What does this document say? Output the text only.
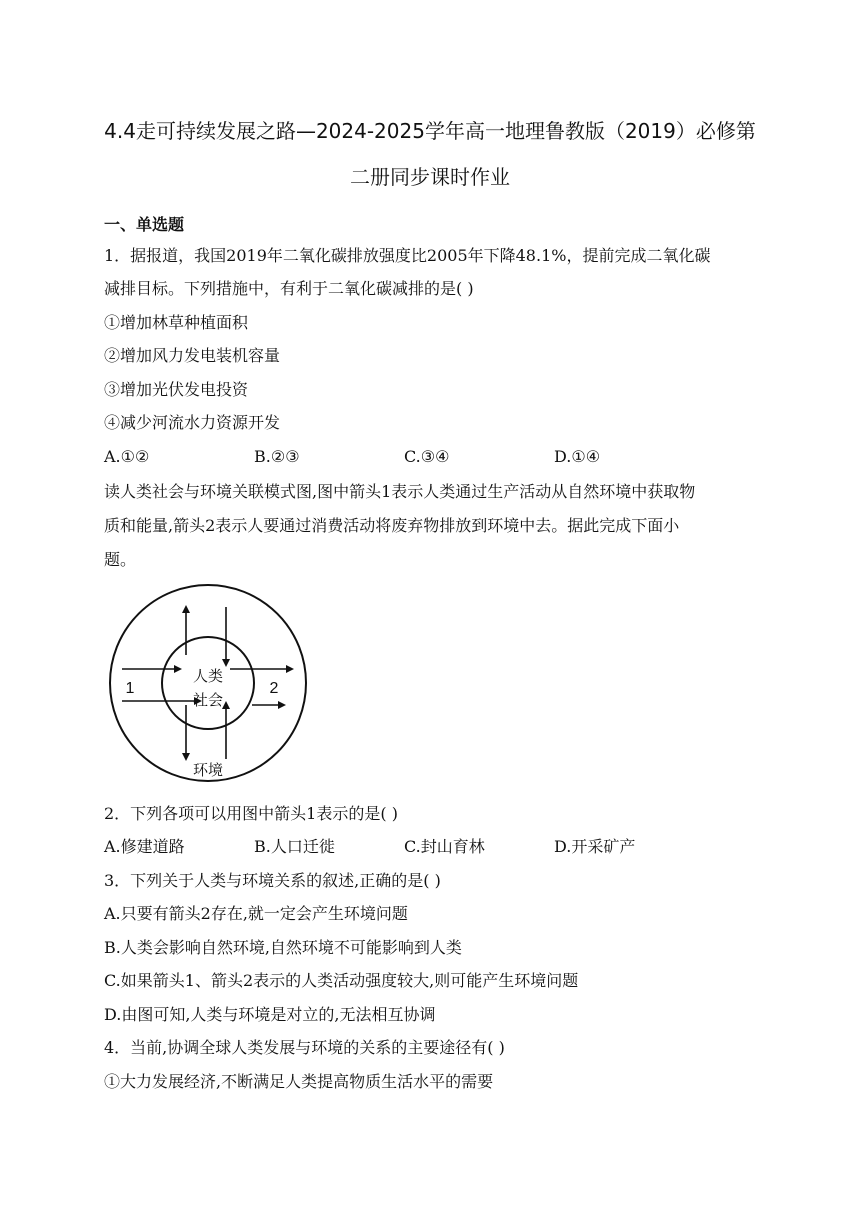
4.4走可持续发展之路—2024-2025学年高一地理鲁教版（2019）必修第
二册同步课时作业
一、单选题
1．据报道，我国2019年二氧化碳排放强度比2005年下降48.1%，提前完成二氧化碳
减排目标。下列措施中，有利于二氧化碳减排的是( )
①增加林草种植面积
②增加风力发电装机容量
③增加光伏发电投资
④减少河流水力资源开发
A.①②	B.②③	C.③④	D.①④
读人类社会与环境关联模式图,图中箭头1表示人类通过生产活动从自然环境中获取物
质和能量,箭头2表示人要通过消费活动将废弃物排放到环境中去。据此完成下面小
题。
人类
社会
1	2
环境
2．下列各项可以用图中箭头1表示的是( )
A.修建道路	B.人口迁徙	C.封山育林	D.开采矿产
3．下列关于人类与环境关系的叙述,正确的是( )
A.只要有箭头2存在,就一定会产生环境问题
B.人类会影响自然环境,自然环境不可能影响到人类
C.如果箭头1、箭头2表示的人类活动强度较大,则可能产生环境问题
D.由图可知,人类与环境是对立的,无法相互协调
4．当前,协调全球人类发展与环境的关系的主要途径有( )
①大力发展经济,不断满足人类提高物质生活水平的需要
